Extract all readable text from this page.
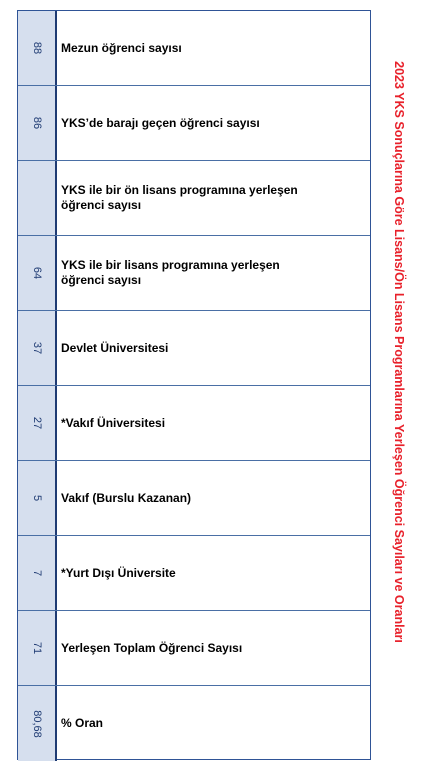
88 Mezun öğrenci sayısı
86 YKS’de barajı geçen öğrenci sayısı
YKS ile bir ön lisans programına yerleşen öğrenci sayısı
64
YKS ile bir lisans programına yerleşen öğrenci sayısı
37 Devlet Üniversitesi
27 *Vakıf Üniversitesi
5 Vakıf (Burslu Kazanan)
7 *Yurt Dışı Üniversite
71 Yerleşen Toplam Öğrenci Sayısı
80,68 % Oran
2023 YKS Sonuçlarına Göre Lisans/Ön Lisans Programlarına Yerleşen Öğrenci Sayıları ve Oranları
